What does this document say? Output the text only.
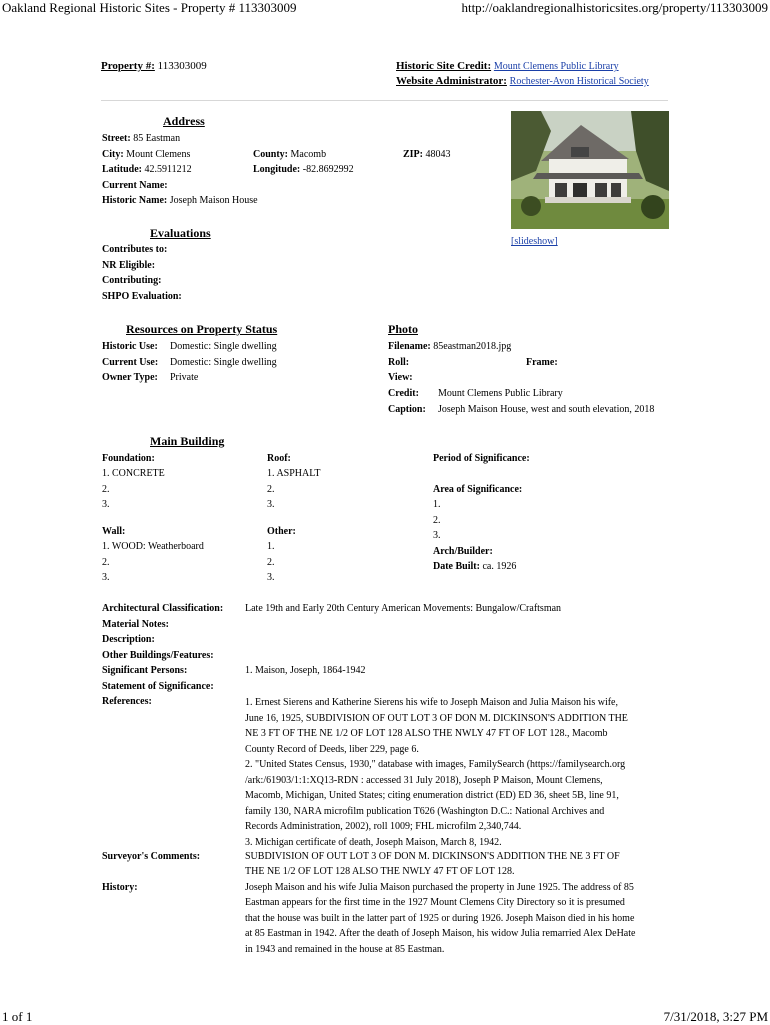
Oakland Regional Historic Sites - Property # 113303009	http://oaklandregionalhistoricsites.org/property/113303009
1 of 1	7/31/2018, 3:27 PM
Property #: 113303009	Historic Site Credit: Mount Clemens Public Library
Website Administrator: Rochester-Avon Historical Society
Address
Street: 85 Eastman
City: Mount Clemens	County: Macomb	ZIP: 48043
Latitude: 42.5911212	Longitude: -82.8692992
Current Name:
Historic Name: Joseph Maison House
Evaluations
[slideshow]
Contributes to:
NR Eligible:
Contributing:
SHPO Evaluation:
Resources on Property Status
Historic Use: Domestic: Single dwelling
Current Use: Domestic: Single dwelling
Owner Type: Private
Photo
Filename: 85eastman2018.jpg
Roll:	Frame:
View:
Credit: Mount Clemens Public Library
Caption: Joseph Maison House, west and south elevation, 2018
Main Building
Foundation:
1. CONCRETE
2.
3.
Roof:
1. ASPHALT
2.
3.
Period of Significance:
Area of Significance:
1.
2.
3.
Arch/Builder:
Date Built: ca. 1926
Wall:
1. WOOD: Weatherboard
2.
3.
Other:
1.
2.
3.
Architectural Classification: Late 19th and Early 20th Century American Movements: Bungalow/Craftsman
Material Notes:
Description:
Other Buildings/Features:
Significant Persons:	1. Maison, Joseph, 1864-1942
Statement of Significance:
References:	1. Ernest Sierens and Katherine Sierens his wife to Joseph Maison and Julia Maison his wife,
June 16, 1925, SUBDIVISION OF OUT LOT 3 OF DON M. DICKINSON'S ADDITION THE
NE 3 FT OF THE NE 1/2 OF LOT 128 ALSO THE NWLY 47 FT OF LOT 128., Macomb
County Record of Deeds, liber 229, page 6.
2. "United States Census, 1930," database with images, FamilySearch (https://familysearch.org
/ark:/61903/1:1:XQ13-RDN : accessed 31 July 2018), Joseph P Maison, Mount Clemens,
Macomb, Michigan, United States; citing enumeration district (ED) ED 36, sheet 5B, line 91,
family 130, NARA microfilm publication T626 (Washington D.C.: National Archives and
Records Administration, 2002), roll 1009; FHL microfilm 2,340,744.
3. Michigan certificate of death, Joseph Maison, March 8, 1942.
Surveyor's Comments:	SUBDIVISION OF OUT LOT 3 OF DON M. DICKINSON'S ADDITION THE NE 3 FT OF
THE NE 1/2 OF LOT 128 ALSO THE NWLY 47 FT OF LOT 128.
History:	Joseph Maison and his wife Julia Maison purchased the property in June 1925. The address of 85
Eastman appears for the first time in the 1927 Mount Clemens City Directory so it is presumed
that the house was built in the latter part of 1925 or during 1926. Joseph Maison died in his home
at 85 Eastman in 1942. After the death of Joseph Maison, his widow Julia remarried Alex DeHate
in 1943 and remained in the house at 85 Eastman.
